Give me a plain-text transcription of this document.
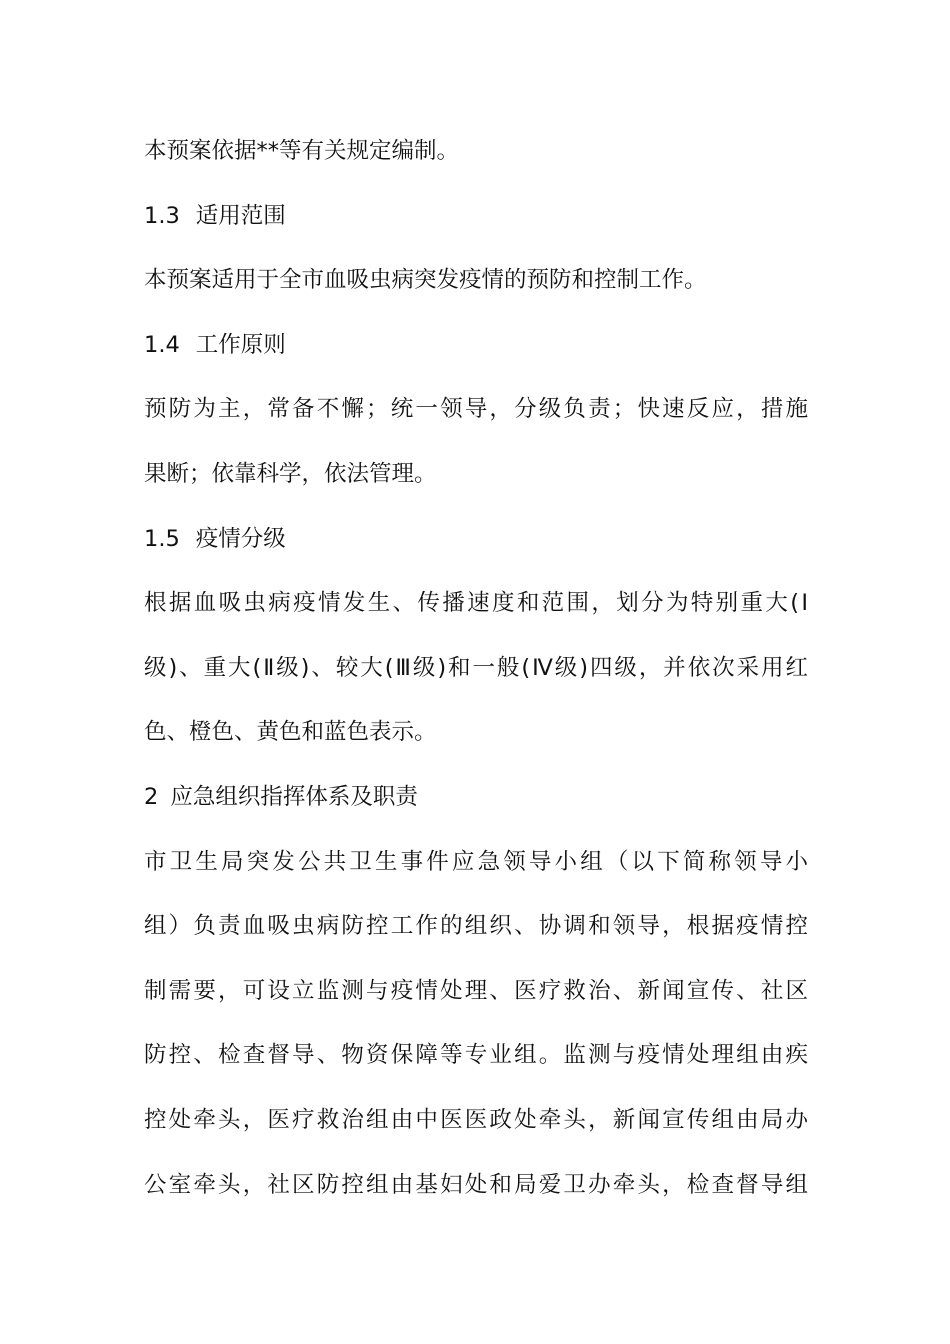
本预案依据**等有关规定编制。
1.3 适用范围
本预案适用于全市血吸虫病突发疫情的预防和控制工作。
1.4 工作原则
预防为主，常备不懈；统一领导，分级负责；快速反应，措施
果断；依靠科学，依法管理。
1.5 疫情分级
根据血吸虫病疫情发生、传播速度和范围，划分为特别重大(Ⅰ
级)、重大(Ⅱ级)、较大(Ⅲ级)和一般(Ⅳ级)四级，并依次采用红
色、橙色、黄色和蓝色表示。
2 应急组织指挥体系及职责
市卫生局突发公共卫生事件应急领导小组（以下简称领导小
组）负责血吸虫病防控工作的组织、协调和领导，根据疫情控
制需要，可设立监测与疫情处理、医疗救治、新闻宣传、社区
防控、检查督导、物资保障等专业组。监测与疫情处理组由疾
控处牵头，医疗救治组由中医医政处牵头，新闻宣传组由局办
公室牵头，社区防控组由基妇处和局爱卫办牵头，检查督导组
